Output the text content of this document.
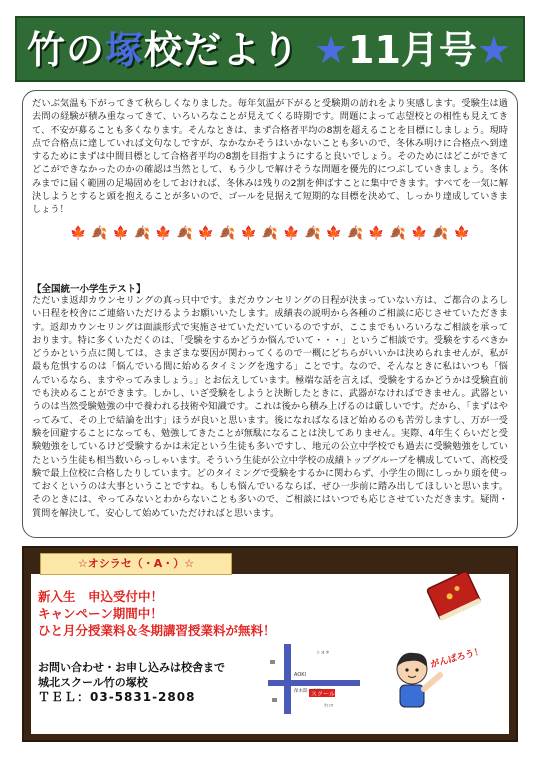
竹の塚校だより ★11月号★

だいぶ気温も下がってきて秋らしくなりました。毎年気温が下がると受験期の訪れをより実感します。受験生は過去問の経験が積み重なってきて、いろいろなことが見えてくる時期です。問題によって志望校との相性も見えてきて、不安が募ることも多くなります。そんなときは、まず合格者平均の8割を超えることを目標にしましょう。現時点で合格点に達していれば文句なしですが、なかなかそうはいかないことも多いので、冬休み明けに合格点へ到達するためにまずは中間目標として合格者平均の8割を目指すようにすると良いでしょう。そのためにはどこができてどこができなかったのかの確認は当然として、もう少しで解けそうな問題を優先的につぶしていきましょう。冬休みまでに届く範囲の足場固めをしておければ、冬休みは残りの2割を伸ばすことに集中できます。すべてを一気に解決しようとすると頭を抱えることが多いので、ゴールを見据えて短期的な目標を決めて、しっかり達成していきましょう！

🍁 🍂 🍁 🍂 🍁 🍂 🍁 🍂 🍁 🍂 🍁 🍂 🍁 🍂 🍁 🍂 🍁 🍂 🍁
【全国統一小学生テスト】

ただいま返却カウンセリングの真っ只中です。まだカウンセリングの日程が決まっていない方は、ご都合のよろしい日程を校舎にご連絡いただけるようお願いいたします。成績表の説明から各種のご相談に応じさせていただきます。返却カウンセリングは面談形式で実施させていただいているのですが、ここまでもいろいろなご相談を承っております。特に多くいただくのは、「受験をするかどうか悩んでいて・・・」というご相談です。受験をするべきかどうかという点に関しては、さまざまな要因が関わってくるので一概にどちらがいいかは決められませんが、私が最も危惧するのは「悩んでいる間に始めるタイミングを逸する」ことです。なので、そんなときに私はいつも「悩んでいるなら、ますやってみましょう。」とお伝えしています。極端な話を言えば、受験をするかどうかは受験直前でも決めることができます。しかし、いざ受験をしようと決断したときに、武器がなければできません。武器というのは当然受験勉強の中で養われる技術や知識です。これは後から積み上げるのは厳しいです。だから、「まずはやってみて、その上で結論を出す」ほうが良いと思います。後になればなるほど始めるのも苦労しますし、万が一受験を回避することになっても、勉強してきたことが無駄になることは決してありません。実際、4年生くらいだと受験勉強をしているけど受験するかは未定という生徒も多いですし、地元の公立中学校でも過去に受験勉強をしていたという生徒も相当数いらっしゃいます。そういう生徒が公立中学校の成績トップグループを構成していて、高校受験で最上位校に合格したりしています。どのタイミングで受験をするかに関わらず、小学生の間にしっかり頭を使っておくというのは大事ということですね。もしも悩んでいるならば、ぜひ一歩前に踏み出してほしいと思います。そのときには、やってみないとわからないことも多いので、ご相談にはいつでも応じさせていただきます。疑問・質問を解決して、安心して始めていただければと思います。

☆オシラセ（・A・）☆
新入生　申込受付中！
キャンペーン期間中！
ひと月分授業料＆冬期講習授業料が無料！
お問い合わせ・お申し込みは校舎まで
城北スクール竹の塚校
ＴＥＬ：03-5831-2808	スクール
AOKI
保木間一丁目
トヨタ
ﾌｧﾐﾏ
がんばろう！
